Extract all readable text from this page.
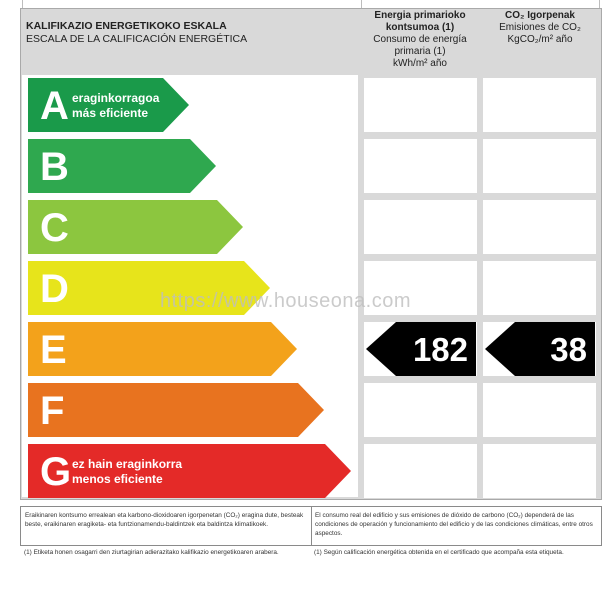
KALIFIKAZIO ENERGETIKOKO ESKALA
ESCALA DE LA CALIFICACIÓN ENERGÉTICA
Energia primarioko kontsumoa (1)
Consumo de energía primaria (1)
kWh/m² año
CO₂ Igorpenak
Emisiones de CO₂
KgCO₂/m² año
A eraginkorragoa
más eficiente
B
C
D
E
F
G ez hain eraginkorra
menos eficiente
182 38
https://www.houseona.com
Eraikinaren kontsumo errealean eta karbono-dioxidoaren igorpenetan (CO₂) eragina dute, besteak beste, eraikinaren eragiketa- eta funtzionamendu-baldintzek eta baldintza klimatikoek.
El consumo real del edificio y sus emisiones de dióxido de carbono (CO₂) dependerá de las condiciones de operación y funcionamiento del edificio y de las condiciones climáticas, entre otros aspectos.
(1) Etiketa honen osagarri den ziurtagirian adierazitako kalifikazio energetikoaren arabera.	(1) Según calificación energética obtenida en el certificado que acompaña esta etiqueta.
